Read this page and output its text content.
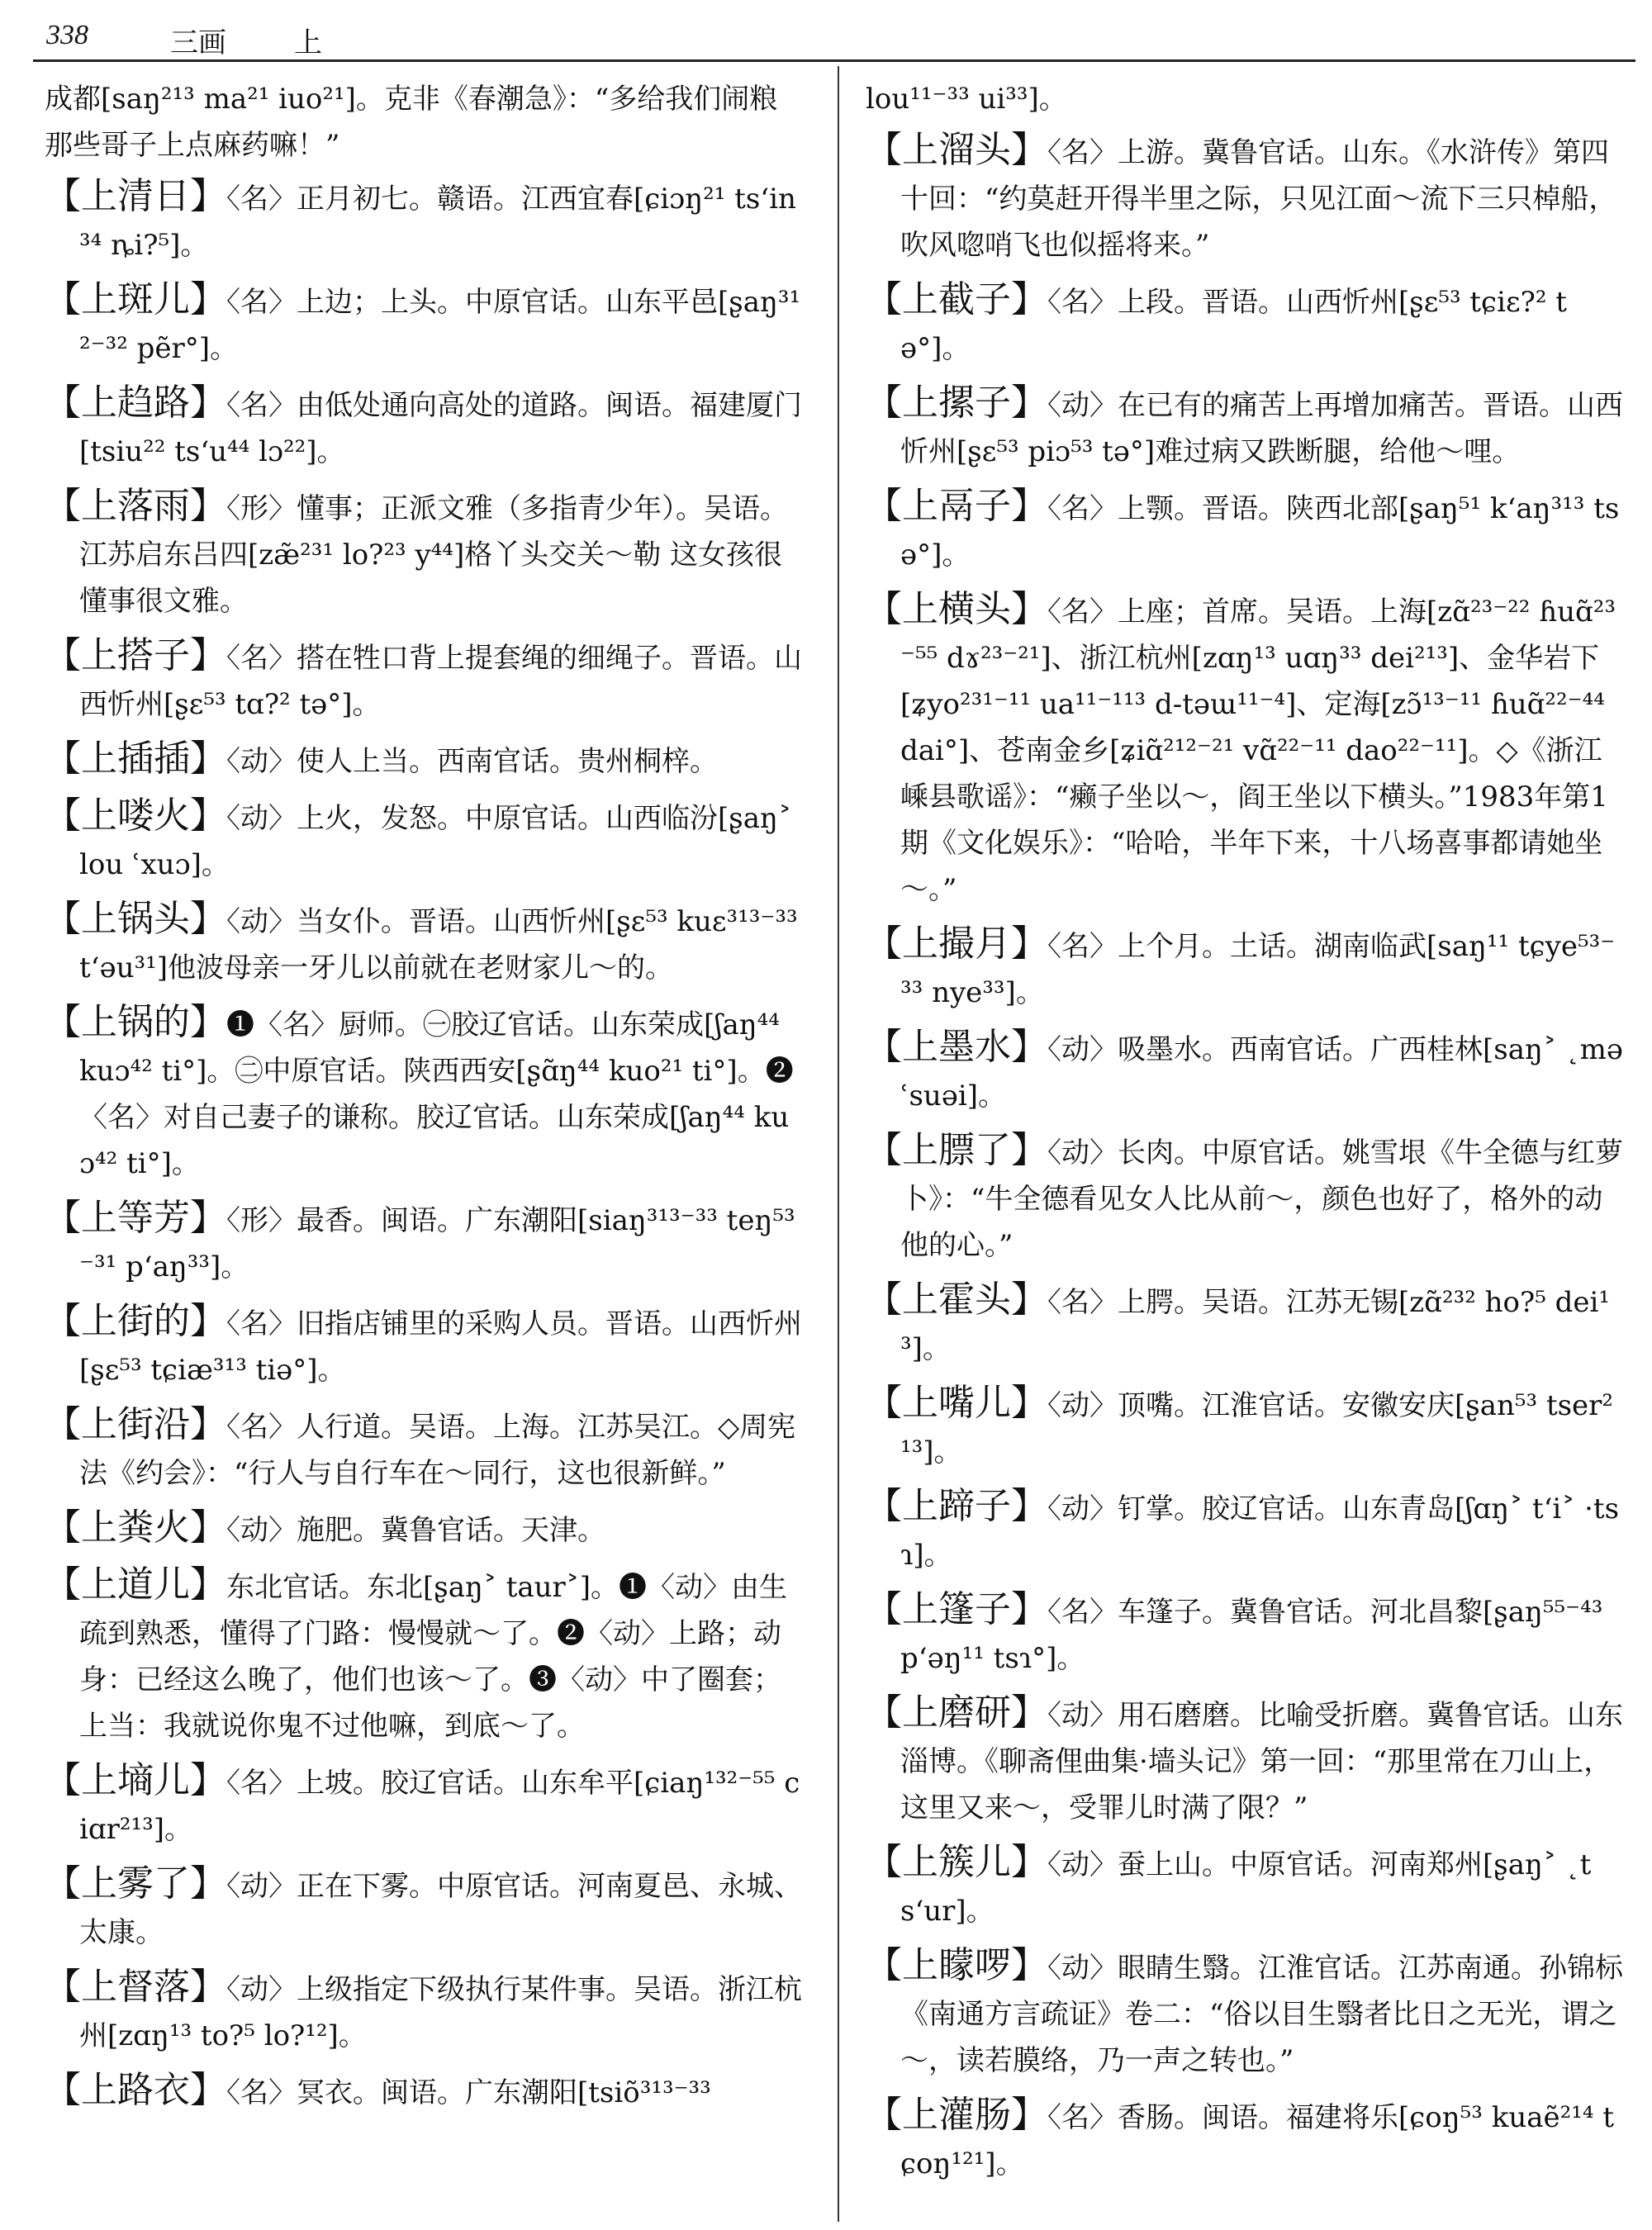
338	三画 上
成都[saŋ²¹³ ma²¹ iuo²¹]。克非《春潮急》：“多给我们闹粮那些哥子上点麻药嘛！”
【上清日】〈名〉正月初七。赣语。江西宜春[ɕiɔŋ²¹ ts‘in³⁴ ȵi?⁵]。
【上斑儿】〈名〉上边；上头。中原官话。山东平邑[ʂaŋ³¹²⁻³² pẽr°]。
【上趋路】〈名〉由低处通向高处的道路。闽语。福建厦门[tsiu²² ts‘u⁴⁴ lɔ²²]。
【上落雨】〈形〉懂事；正派文雅（多指青少年）。吴语。江苏启东吕四[zæ̃²³¹ lo?²³ y⁴⁴]格丫头交关～勒 这女孩很懂事很文雅。
【上搭子】〈名〉搭在牲口背上提套绳的细绳子。晋语。山西忻州[ʂɛ⁵³ tɑ?² tə°]。
【上插插】〈动〉使人上当。西南官话。贵州桐梓。
【上喽火】〈动〉上火，发怒。中原官话。山西临汾[ʂaŋ˃ lou ʿxuɔ]。
【上锅头】〈动〉当女仆。晋语。山西忻州[ʂɛ⁵³ kuɛ³¹³⁻³³ t‘əu³¹]他波母亲一牙儿以前就在老财家儿～的。
【上锅的】❶〈名〉厨师。㊀胶辽官话。山东荣成[ʃaŋ⁴⁴ kuɔ⁴² ti°]。㊁中原官话。陕西西安[ʂɑ̃ŋ⁴⁴ kuo²¹ ti°]。❷〈名〉对自己妻子的谦称。胶辽官话。山东荣成[ʃaŋ⁴⁴ kuɔ⁴² ti°]。
【上等芳】〈形〉最香。闽语。广东潮阳[siaŋ³¹³⁻³³ teŋ⁵³⁻³¹ p‘aŋ³³]。
【上街的】〈名〉旧指店铺里的采购人员。晋语。山西忻州[ʂɛ⁵³ tɕiæ³¹³ tiə°]。
【上街沿】〈名〉人行道。吴语。上海。江苏吴江。◇周宪法《约会》：“行人与自行车在～同行，这也很新鲜。”
【上粪火】〈动〉施肥。冀鲁官话。天津。
【上道儿】东北官话。东北[ʂaŋ˃ taur˃]。❶〈动〉由生疏到熟悉，懂得了门路：慢慢就～了。❷〈动〉上路；动身：已经这么晚了，他们也该～了。❸〈动〉中了圈套；上当：我就说你鬼不过他嘛，到底～了。
【上墒儿】〈名〉上坡。胶辽官话。山东牟平[ɕiaŋ¹³²⁻⁵⁵ ciɑr²¹³]。
【上雾了】〈动〉正在下雾。中原官话。河南夏邑、永城、太康。
【上督落】〈动〉上级指定下级执行某件事。吴语。浙江杭州[zɑŋ¹³ to?⁵ lo?¹²]。
【上路衣】〈名〉冥衣。闽语。广东潮阳[tsiõ³¹³⁻³³
lou¹¹⁻³³ ui³³]。
【上溜头】〈名〉上游。冀鲁官话。山东。《水浒传》第四十回：“约莫赶开得半里之际，只见江面～流下三只棹船，吹风唿哨飞也似摇将来。”
【上截子】〈名〉上段。晋语。山西忻州[ʂɛ⁵³ tɕiɛ?² tə°]。
【上摞子】〈动〉在已有的痛苦上再增加痛苦。晋语。山西忻州[ʂɛ⁵³ piɔ⁵³ tə°]难过病又跌断腿，给他～哩。
【上鬲子】〈名〉上颚。晋语。陕西北部[ʂaŋ⁵¹ k‘aŋ³¹³ tsə°]。
【上横头】〈名〉上座；首席。吴语。上海[zɑ̃²³⁻²² ɦuɑ̃²³⁻⁵⁵ dɤ²³⁻²¹]、浙江杭州[zɑŋ¹³ uɑŋ³³ dei²¹³]、金华岩下[ʑyo²³¹⁻¹¹ ua¹¹⁻¹¹³ d-təɯ¹¹⁻⁴]、定海[zɔ̃¹³⁻¹¹ ɦuɑ̃²²⁻⁴⁴ dai°]、苍南金乡[ʑiɑ̃²¹²⁻²¹ vɑ̃²²⁻¹¹ dao²²⁻¹¹]。◇《浙江嵊县歌谣》：“癞子坐以～，阎王坐以下横头。”1983年第1期《文化娱乐》：“哈哈，半年下来，十八场喜事都请她坐～。”
【上撮月】〈名〉上个月。土话。湖南临武[saŋ¹¹ tɕye⁵³⁻³³ nye³³]。
【上墨水】〈动〉吸墨水。西南官话。广西桂林[saŋ˃ ˛mə ʿsuəi]。
【上膘了】〈动〉长肉。中原官话。姚雪垠《牛全德与红萝卜》：“牛全德看见女人比从前～，颜色也好了，格外的动他的心。”
【上霍头】〈名〉上腭。吴语。江苏无锡[zɑ̃²³² ho?⁵ dei¹³]。
【上嘴儿】〈动〉顶嘴。江淮官话。安徽安庆[ʂan⁵³ tser²¹³]。
【上蹄子】〈动〉钉掌。胶辽官话。山东青岛[ʃɑŋ˃ t‘i˃ ·tsɿ]。
【上篷子】〈名〉车篷子。冀鲁官话。河北昌黎[ʂaŋ⁵⁵⁻⁴³ p‘əŋ¹¹ tsɿ°]。
【上磨研】〈动〉用石磨磨。比喻受折磨。冀鲁官话。山东淄博。《聊斋俚曲集·墙头记》第一回：“那里常在刀山上，这里又来～，受罪儿时满了限？”
【上簇儿】〈动〉蚕上山。中原官话。河南郑州[ʂaŋ˃ ˛ts‘ur]。
【上矇啰】〈动〉眼睛生翳。江淮官话。江苏南通。孙锦标《南通方言疏证》卷二：“俗以目生翳者比日之无光，谓之～，读若膜络，乃一声之转也。”
【上灌肠】〈名〉香肠。闽语。福建将乐[ɕoŋ⁵³ kuaẽ²¹⁴ tɕoŋ¹²¹]。
